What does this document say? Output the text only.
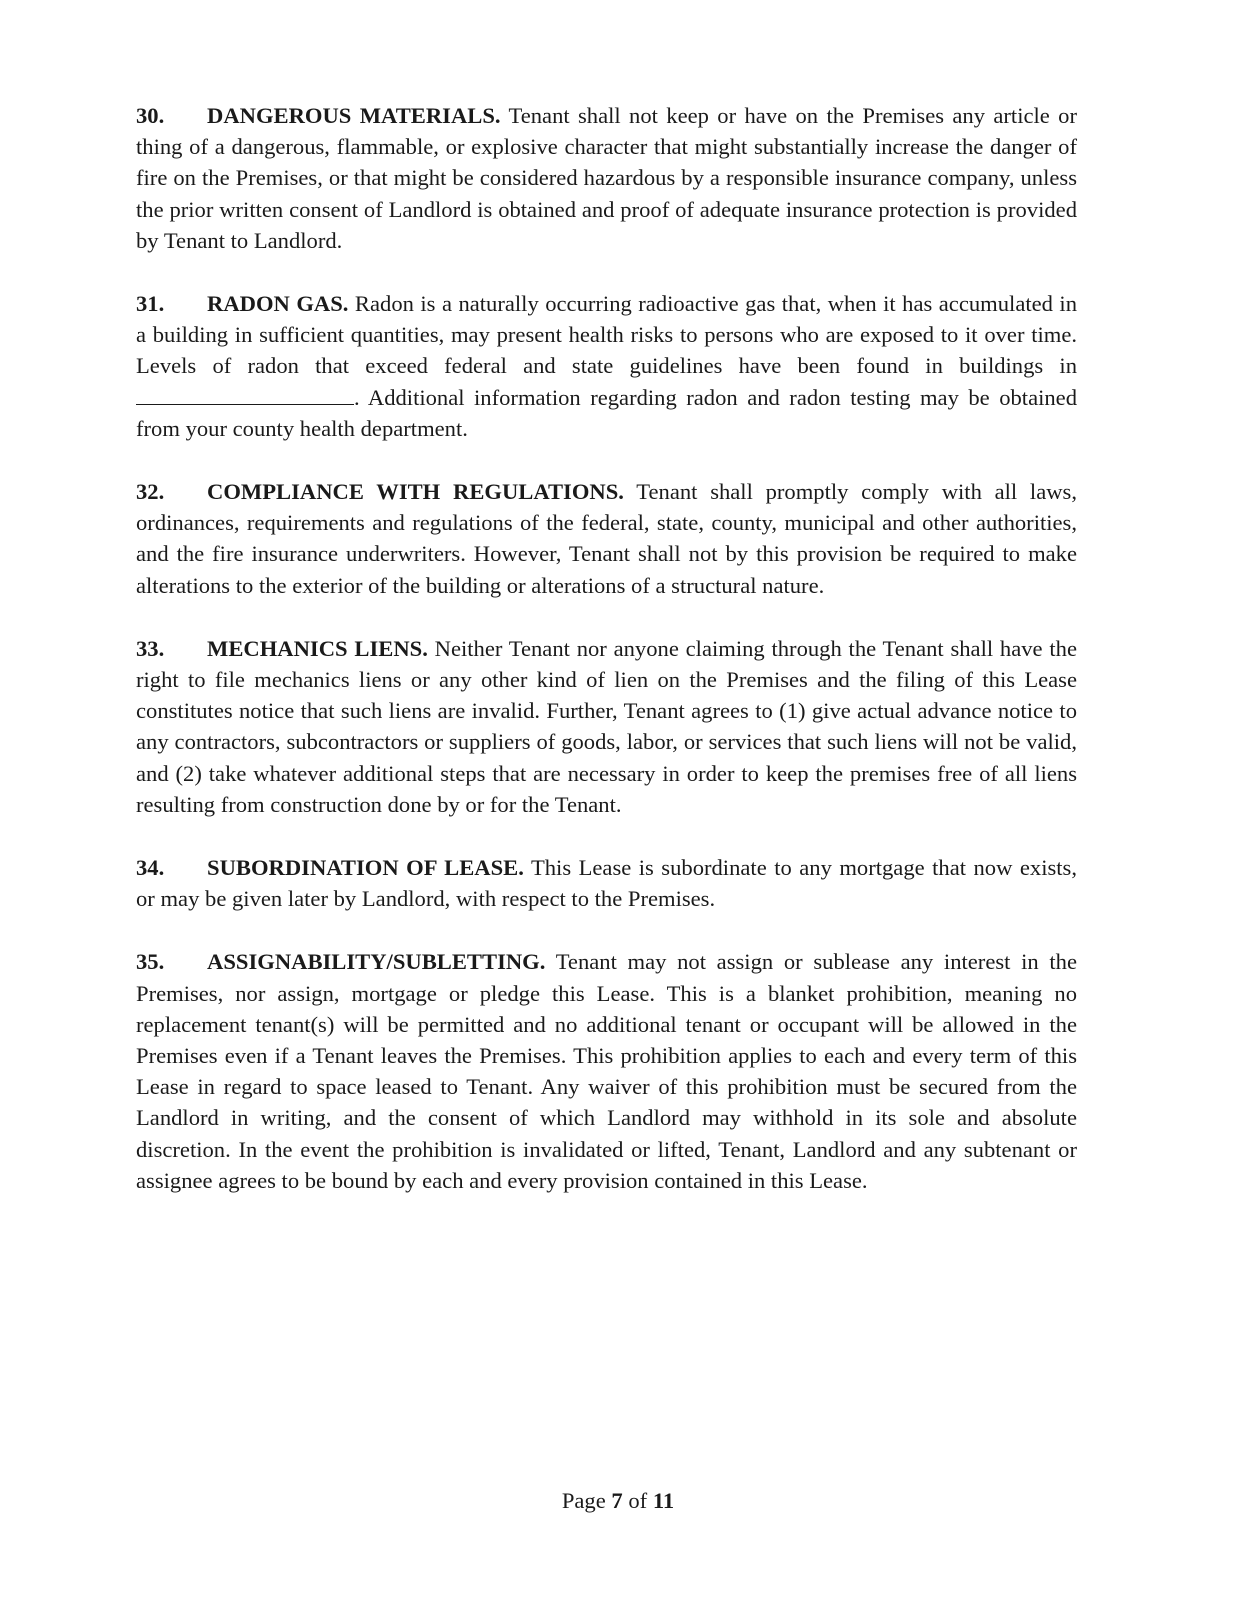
30. DANGEROUS MATERIALS. Tenant shall not keep or have on the Premises any article or thing of a dangerous, flammable, or explosive character that might substantially increase the danger of fire on the Premises, or that might be considered hazardous by a responsible insurance company, unless the prior written consent of Landlord is obtained and proof of adequate insurance protection is provided by Tenant to Landlord.

31. RADON GAS. Radon is a naturally occurring radioactive gas that, when it has accumulated in a building in sufficient quantities, may present health risks to persons who are exposed to it over time. Levels of radon that exceed federal and state guidelines have been found in buildings in . Additional information regarding radon and radon testing may be obtained from your county health department.

32. COMPLIANCE WITH REGULATIONS. Tenant shall promptly comply with all laws, ordinances, requirements and regulations of the federal, state, county, municipal and other authorities, and the fire insurance underwriters. However, Tenant shall not by this provision be required to make alterations to the exterior of the building or alterations of a structural nature.

33. MECHANICS LIENS. Neither Tenant nor anyone claiming through the Tenant shall have the right to file mechanics liens or any other kind of lien on the Premises and the filing of this Lease constitutes notice that such liens are invalid. Further, Tenant agrees to (1) give actual advance notice to any contractors, subcontractors or suppliers of goods, labor, or services that such liens will not be valid, and (2) take whatever additional steps that are necessary in order to keep the premises free of all liens resulting from construction done by or for the Tenant.

34. SUBORDINATION OF LEASE. This Lease is subordinate to any mortgage that now exists, or may be given later by Landlord, with respect to the Premises.

35. ASSIGNABILITY/SUBLETTING. Tenant may not assign or sublease any interest in the Premises, nor assign, mortgage or pledge this Lease. This is a blanket prohibition, meaning no replacement tenant(s) will be permitted and no additional tenant or occupant will be allowed in the Premises even if a Tenant leaves the Premises. This prohibition applies to each and every term of this Lease in regard to space leased to Tenant. Any waiver of this prohibition must be secured from the Landlord in writing, and the consent of which Landlord may withhold in its sole and absolute discretion. In the event the prohibition is invalidated or lifted, Tenant, Landlord and any subtenant or assignee agrees to be bound by each and every provision contained in this Lease.

Page 7 of 11
